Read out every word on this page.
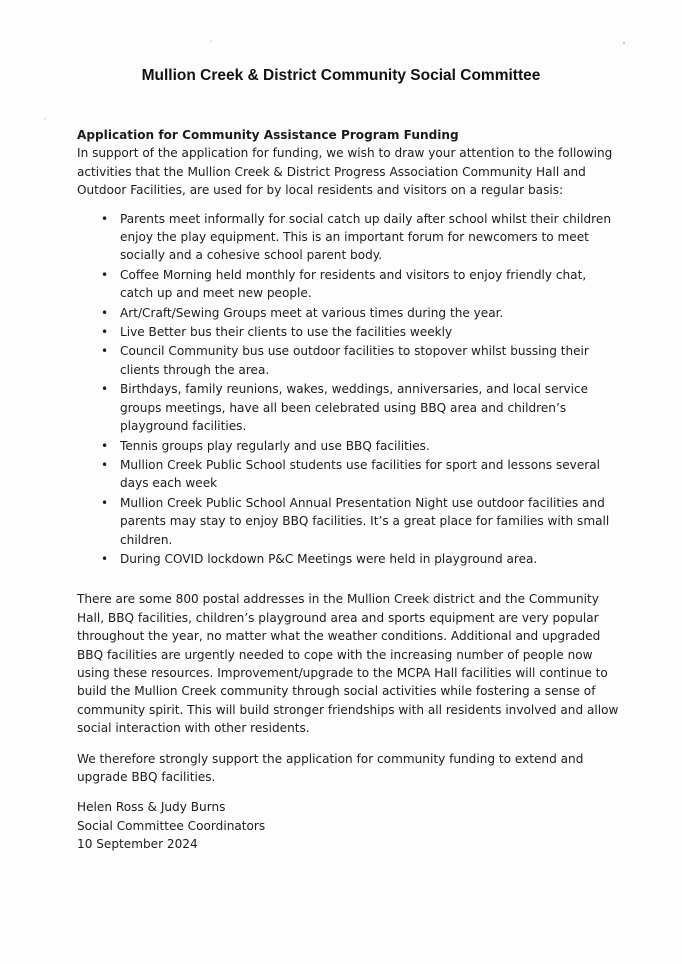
Mullion Creek & District Community Social Committee

Application for Community Assistance Program Funding

In support of the application for funding, we wish to draw your attention to the following activities that the Mullion Creek & District Progress Association Community Hall and Outdoor Facilities, are used for by local residents and visitors on a regular basis:

• Parents meet informally for social catch up daily after school whilst their children enjoy the play equipment. This is an important forum for newcomers to meet socially and a cohesive school parent body.
• Coffee Morning held monthly for residents and visitors to enjoy friendly chat, catch up and meet new people.
• Art/Craft/Sewing Groups meet at various times during the year.
• Live Better bus their clients to use the facilities weekly
• Council Community bus use outdoor facilities to stopover whilst bussing their clients through the area.
• Birthdays, family reunions, wakes, weddings, anniversaries, and local service groups meetings, have all been celebrated using BBQ area and children’s playground facilities.
• Tennis groups play regularly and use BBQ facilities.
• Mullion Creek Public School students use facilities for sport and lessons several days each week
• Mullion Creek Public School Annual Presentation Night use outdoor facilities and parents may stay to enjoy BBQ facilities. It’s a great place for families with small children.
• During COVID lockdown P&C Meetings were held in playground area.

There are some 800 postal addresses in the Mullion Creek district and the Community Hall, BBQ facilities, children’s playground area and sports equipment are very popular throughout the year, no matter what the weather conditions. Additional and upgraded BBQ facilities are urgently needed to cope with the increasing number of people now using these resources. Improvement/upgrade to the MCPA Hall facilities will continue to build the Mullion Creek community through social activities while fostering a sense of community spirit. This will build stronger friendships with all residents involved and allow social interaction with other residents.

We therefore strongly support the application for community funding to extend and upgrade BBQ facilities.

Helen Ross & Judy Burns

Social Committee Coordinators

10 September 2024
